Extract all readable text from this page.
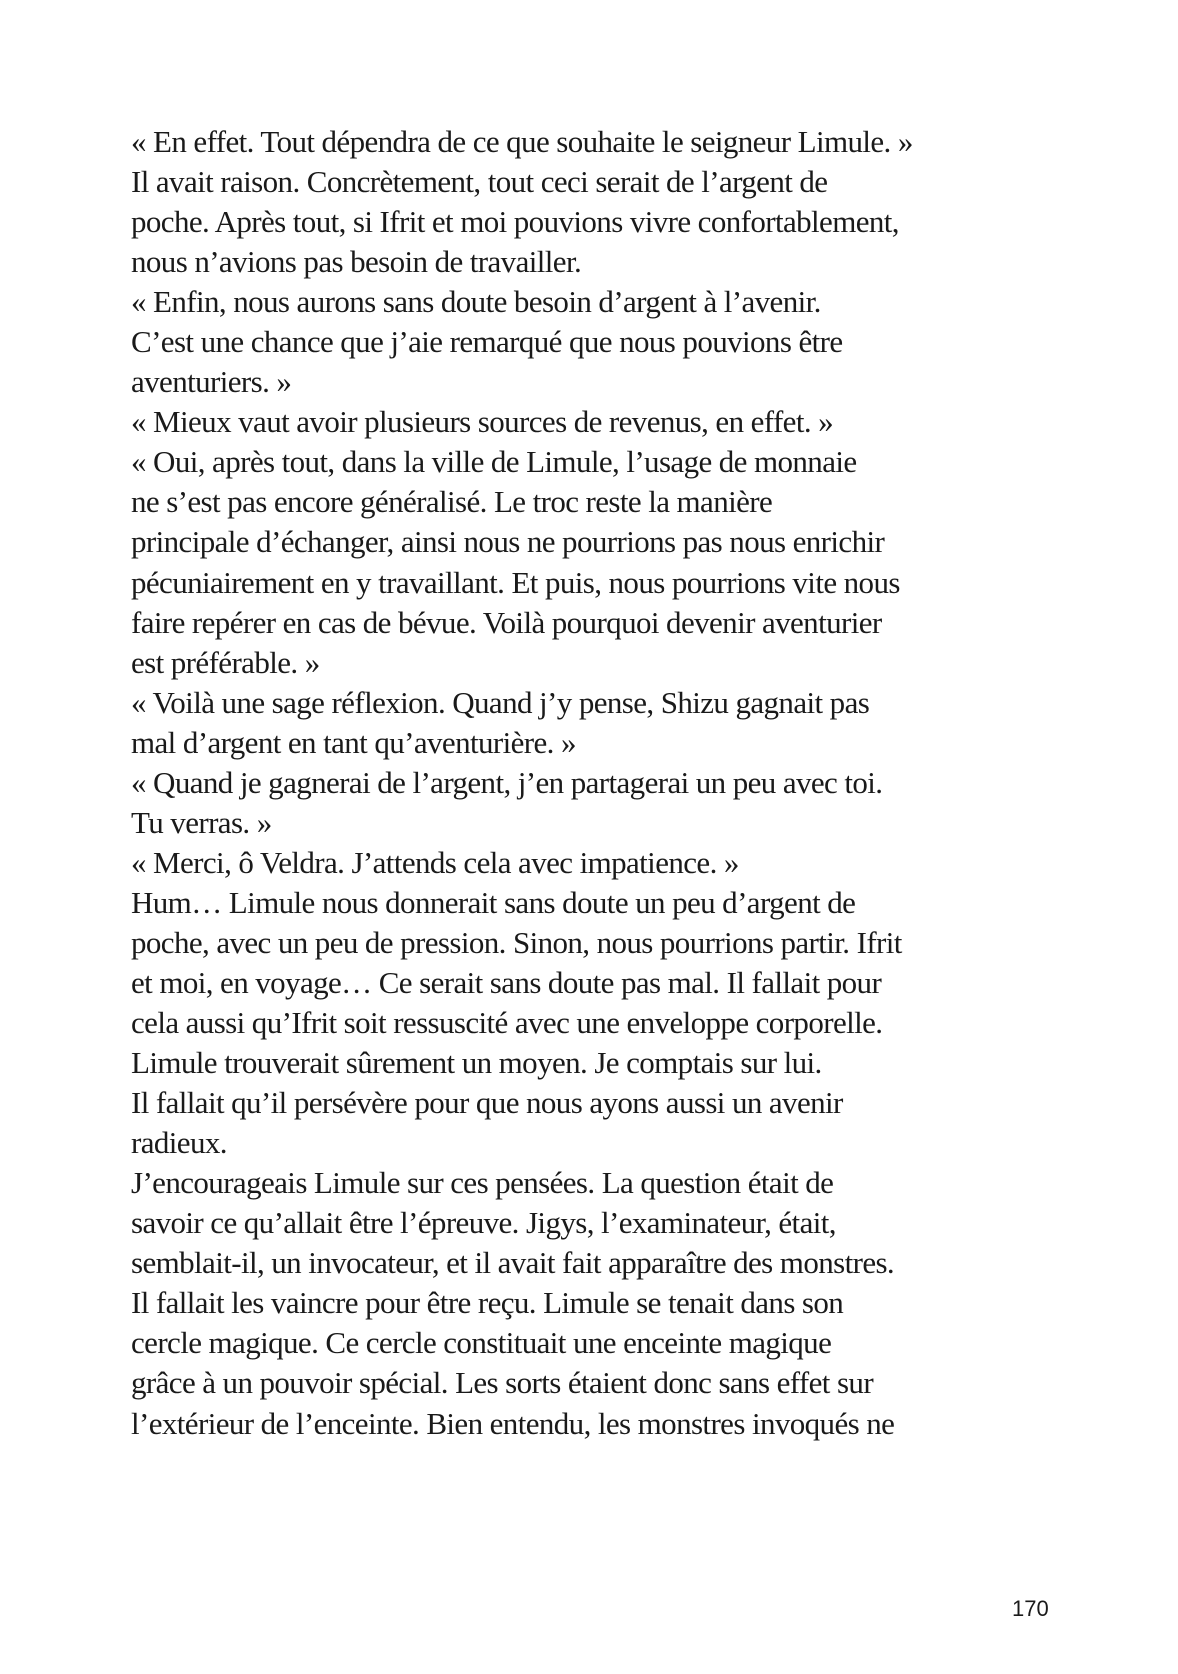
« En effet. Tout dépendra de ce que souhaite le seigneur Limule. »
Il avait raison. Concrètement, tout ceci serait de l’argent de
poche. Après tout, si Ifrit et moi pouvions vivre confortablement,
nous n’avions pas besoin de travailler.
« Enfin, nous aurons sans doute besoin d’argent à l’avenir.
C’est une chance que j’aie remarqué que nous pouvions être
aventuriers. »
« Mieux vaut avoir plusieurs sources de revenus, en effet. »
« Oui, après tout, dans la ville de Limule, l’usage de monnaie
ne s’est pas encore généralisé. Le troc reste la manière
principale d’échanger, ainsi nous ne pourrions pas nous enrichir
pécuniairement en y travaillant. Et puis, nous pourrions vite nous
faire repérer en cas de bévue. Voilà pourquoi devenir aventurier
est préférable. »
« Voilà une sage réflexion. Quand j’y pense, Shizu gagnait pas
mal d’argent en tant qu’aventurière. »
« Quand je gagnerai de l’argent, j’en partagerai un peu avec toi.
Tu verras. »
« Merci, ô Veldra. J’attends cela avec impatience. »
Hum… Limule nous donnerait sans doute un peu d’argent de
poche, avec un peu de pression. Sinon, nous pourrions partir. Ifrit
et moi, en voyage… Ce serait sans doute pas mal. Il fallait pour
cela aussi qu’Ifrit soit ressuscité avec une enveloppe corporelle.
Limule trouverait sûrement un moyen. Je comptais sur lui.
Il fallait qu’il persévère pour que nous ayons aussi un avenir
radieux.
J’encourageais Limule sur ces pensées. La question était de
savoir ce qu’allait être l’épreuve. Jigys, l’examinateur, était,
semblait-il, un invocateur, et il avait fait apparaître des monstres.
Il fallait les vaincre pour être reçu. Limule se tenait dans son
cercle magique. Ce cercle constituait une enceinte magique
grâce à un pouvoir spécial. Les sorts étaient donc sans effet sur
l’extérieur de l’enceinte. Bien entendu, les monstres invoqués ne
170
